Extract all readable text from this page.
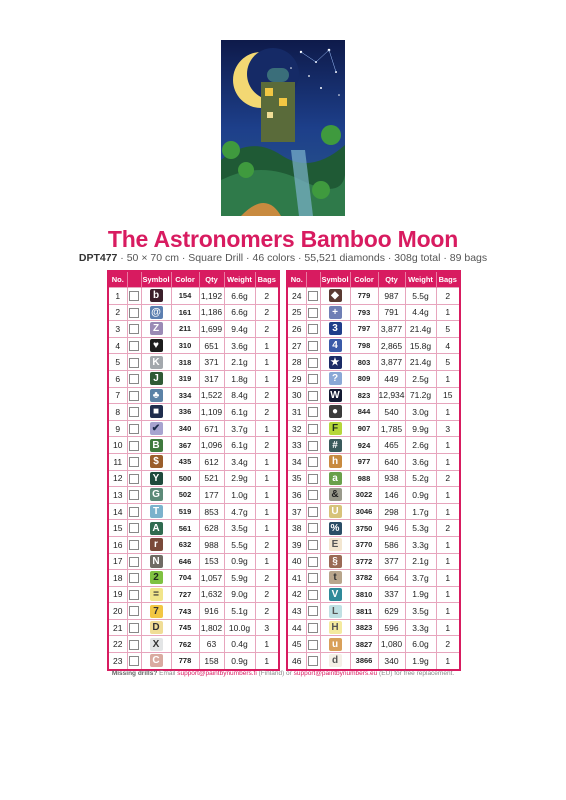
The Astronomers Bamboo Moon
DPT477 · 50 × 70 cm · Square Drill · 46 colors · 55,521 diamonds · 308g total · 89 bags
No.		Symbol	Color	Qty	Weight	Bags
1		b	154	1,192	6.6g	2
2		@	161	1,186	6.6g	2
3		Z	211	1,699	9.4g	2
4		♥	310	651	3.6g	1
5		K	318	371	2.1g	1
6		J	319	317	1.8g	1
7		♣	334	1,522	8.4g	2
8		■	336	1,109	6.1g	2
9		✔	340	671	3.7g	1
10		B	367	1,096	6.1g	2
11		$	435	612	3.4g	1
12		Y	500	521	2.9g	1
13		G	502	177	1.0g	1
14		T	519	853	4.7g	1
15		A	561	628	3.5g	1
16		r	632	988	5.5g	2
17		N	646	153	0.9g	1
18		2	704	1,057	5.9g	2
19		=	727	1,632	9.0g	2
20		7	743	916	5.1g	2
21		D	745	1,802	10.0g	3
22		X	762	63	0.4g	1
23		C	778	158	0.9g	1
No.		Symbol	Color	Qty	Weight	Bags
24		◆	779	987	5.5g	2
25		+	793	791	4.4g	1
26		3	797	3,877	21.4g	5
27		4	798	2,865	15.8g	4
28		★	803	3,877	21.4g	5
29		?	809	449	2.5g	1
30		W	823	12,934	71.2g	15
31		●	844	540	3.0g	1
32		F	907	1,785	9.9g	3
33		#	924	465	2.6g	1
34		h	977	640	3.6g	1
35		a	988	938	5.2g	2
36		&	3022	146	0.9g	1
37		U	3046	298	1.7g	1
38		%	3750	946	5.3g	2
39		E	3770	586	3.3g	1
40		§	3772	377	2.1g	1
41		t	3782	664	3.7g	1
42		V	3810	337	1.9g	1
43		L	3811	629	3.5g	1
44		H	3823	596	3.3g	1
45		u	3827	1,080	6.0g	2
46		d	3866	340	1.9g	1
Missing drills? Email support@paintbynumbers.fi (Finland) or support@paintbynumbers.eu (EU) for free replacement.
